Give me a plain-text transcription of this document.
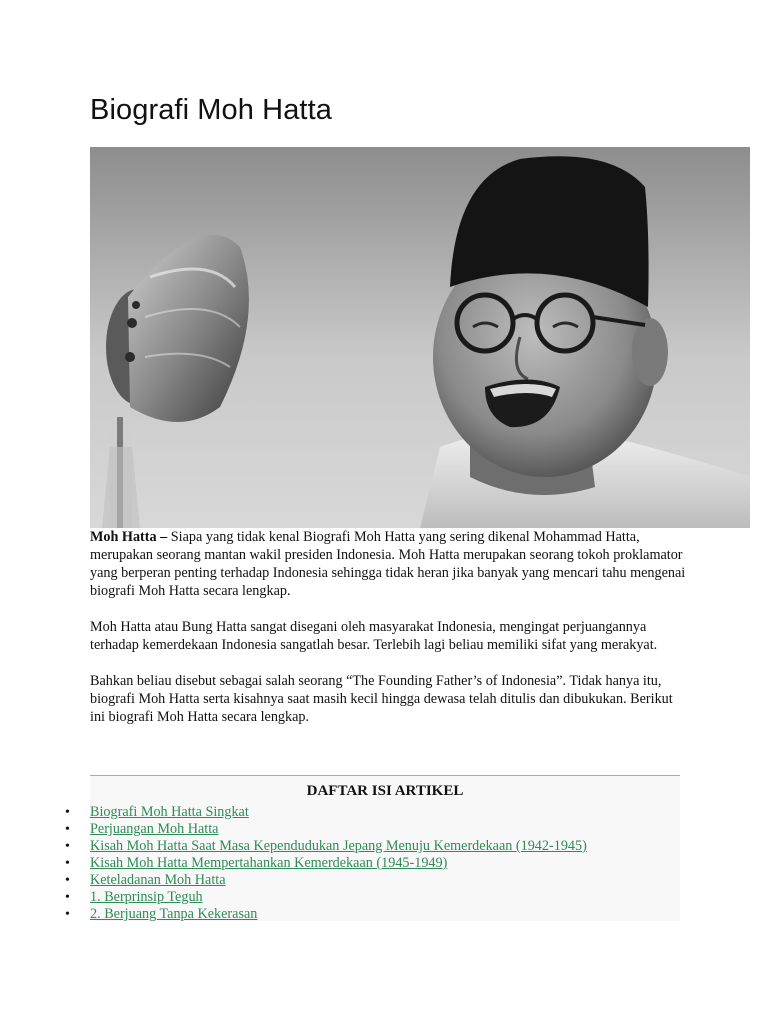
Biografi Moh Hatta

Moh Hatta – Siapa yang tidak kenal Biografi Moh Hatta yang sering dikenal Mohammad Hatta, merupakan seorang mantan wakil presiden Indonesia. Moh Hatta merupakan seorang tokoh proklamator yang berperan penting terhadap Indonesia sehingga tidak heran jika banyak yang mencari tahu mengenai biografi Moh Hatta secara lengkap.

Moh Hatta atau Bung Hatta sangat disegani oleh masyarakat Indonesia, mengingat perjuangannya terhadap kemerdekaan Indonesia sangatlah besar. Terlebih lagi beliau memiliki sifat yang merakyat.

Bahkan beliau disebut sebagai salah seorang “The Founding Father’s of Indonesia”. Tidak hanya itu, biografi Moh Hatta serta kisahnya saat masih kecil hingga dewasa telah ditulis dan dibukukan. Berikut ini biografi Moh Hatta secara lengkap.

DAFTAR ISI ARTIKEL
• Biografi Moh Hatta Singkat
• Perjuangan Moh Hatta
• Kisah Moh Hatta Saat Masa Kependudukan Jepang Menuju Kemerdekaan (1942-1945)
• Kisah Moh Hatta Mempertahankan Kemerdekaan (1945-1949)
• Keteladanan Moh Hatta
• 1. Berprinsip Teguh
• 2. Berjuang Tanpa Kekerasan
